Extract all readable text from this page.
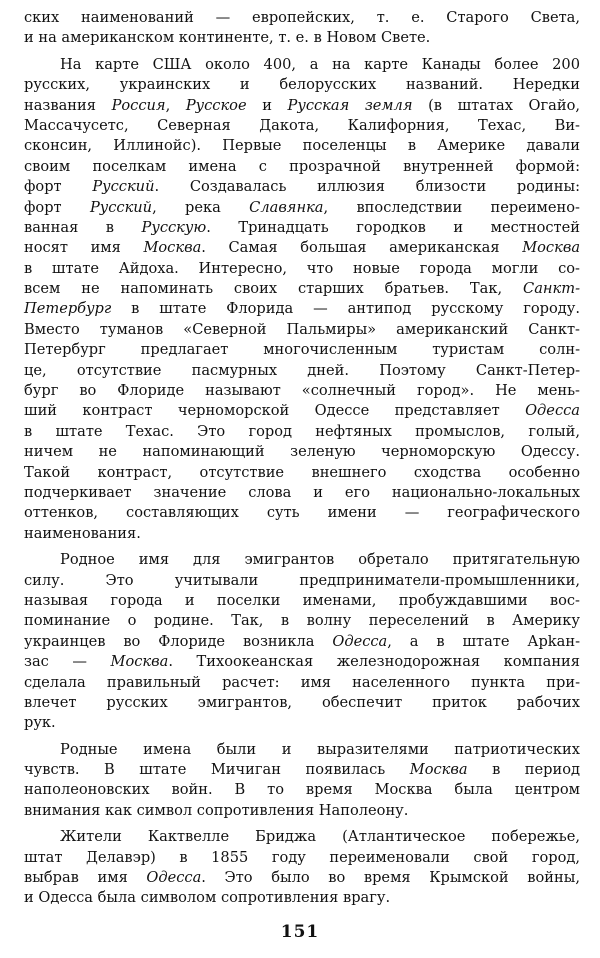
ских наименований — европейских, т. е. Старого Света,
и на американском континенте, т. е. в Новом Свете.
На карте США около 400, а на карте Канады более 200
русских, украинских и белорусских названий. Нередки
названия Россия, Русское и Русская земля (в штатах Огайо,
Массачусетс, Северная Дакота, Калифорния, Техас, Ви-
сконсин, Иллинойс). Первые поселенцы в Америке давали
своим поселкам имена с прозрачной внутренней формой:
форт Русский. Создавалась иллюзия близости родины:
форт Русский, река Славянка, впоследствии переимено-
ванная в Русскую. Тринадцать городков и местностей
носят имя Москва. Самая большая американская Москва
в штате Айдоха. Интересно, что новые города могли со-
всем не напоминать своих старших братьев. Так, Санкт-
Петербург в штате Флорида — антипод русскому городу.
Вместо туманов «Северной Пальмиры» американский Санкт-
Петербург предлагает многочисленным туристам солн-
це, отсутствие пасмурных дней. Поэтому Санкт-Петер-
бург во Флориде называют «солнечный город». Не мень-
ший контраст черноморской Одессе представляет Одесса
в штате Техас. Это город нефтяных промыслов, голый,
ничем не напоминающий зеленую черноморскую Одессу.
Такой контраст, отсутствие внешнего сходства особенно
подчеркивает значение слова и его национально-локальных
оттенков, составляющих суть имени — географического
наименования.
Родное имя для эмигрантов обретало притягательную
силу. Это учитывали предприниматели-промышленники,
называя города и поселки именами, пробуждавшими вос-
поминание о родине. Так, в волну переселений в Америку
украинцев во Флориде возникла Одесса, а в штате Арkан-
зас — Москва. Тихоокеанская железнодорожная компания
сделала правильный расчет: имя населенного пункта при-
влечет русских эмигрантов, обеспечит приток рабочих
рук.
Родные имена были и выразителями патриотических
чувств. В штате Мичиган появилась Москва в период
наполеоновских войн. В то время Москва была центром
внимания как символ сопротивления Наполеону.
Жители Кактвелле Бриджа (Атлантическое побережье,
штат Делавэр) в 1855 году переименовали свой город,
выбрав имя Одесса. Это было во время Крымской войны,
и Одесса была символом сопротивления врагу.
151
